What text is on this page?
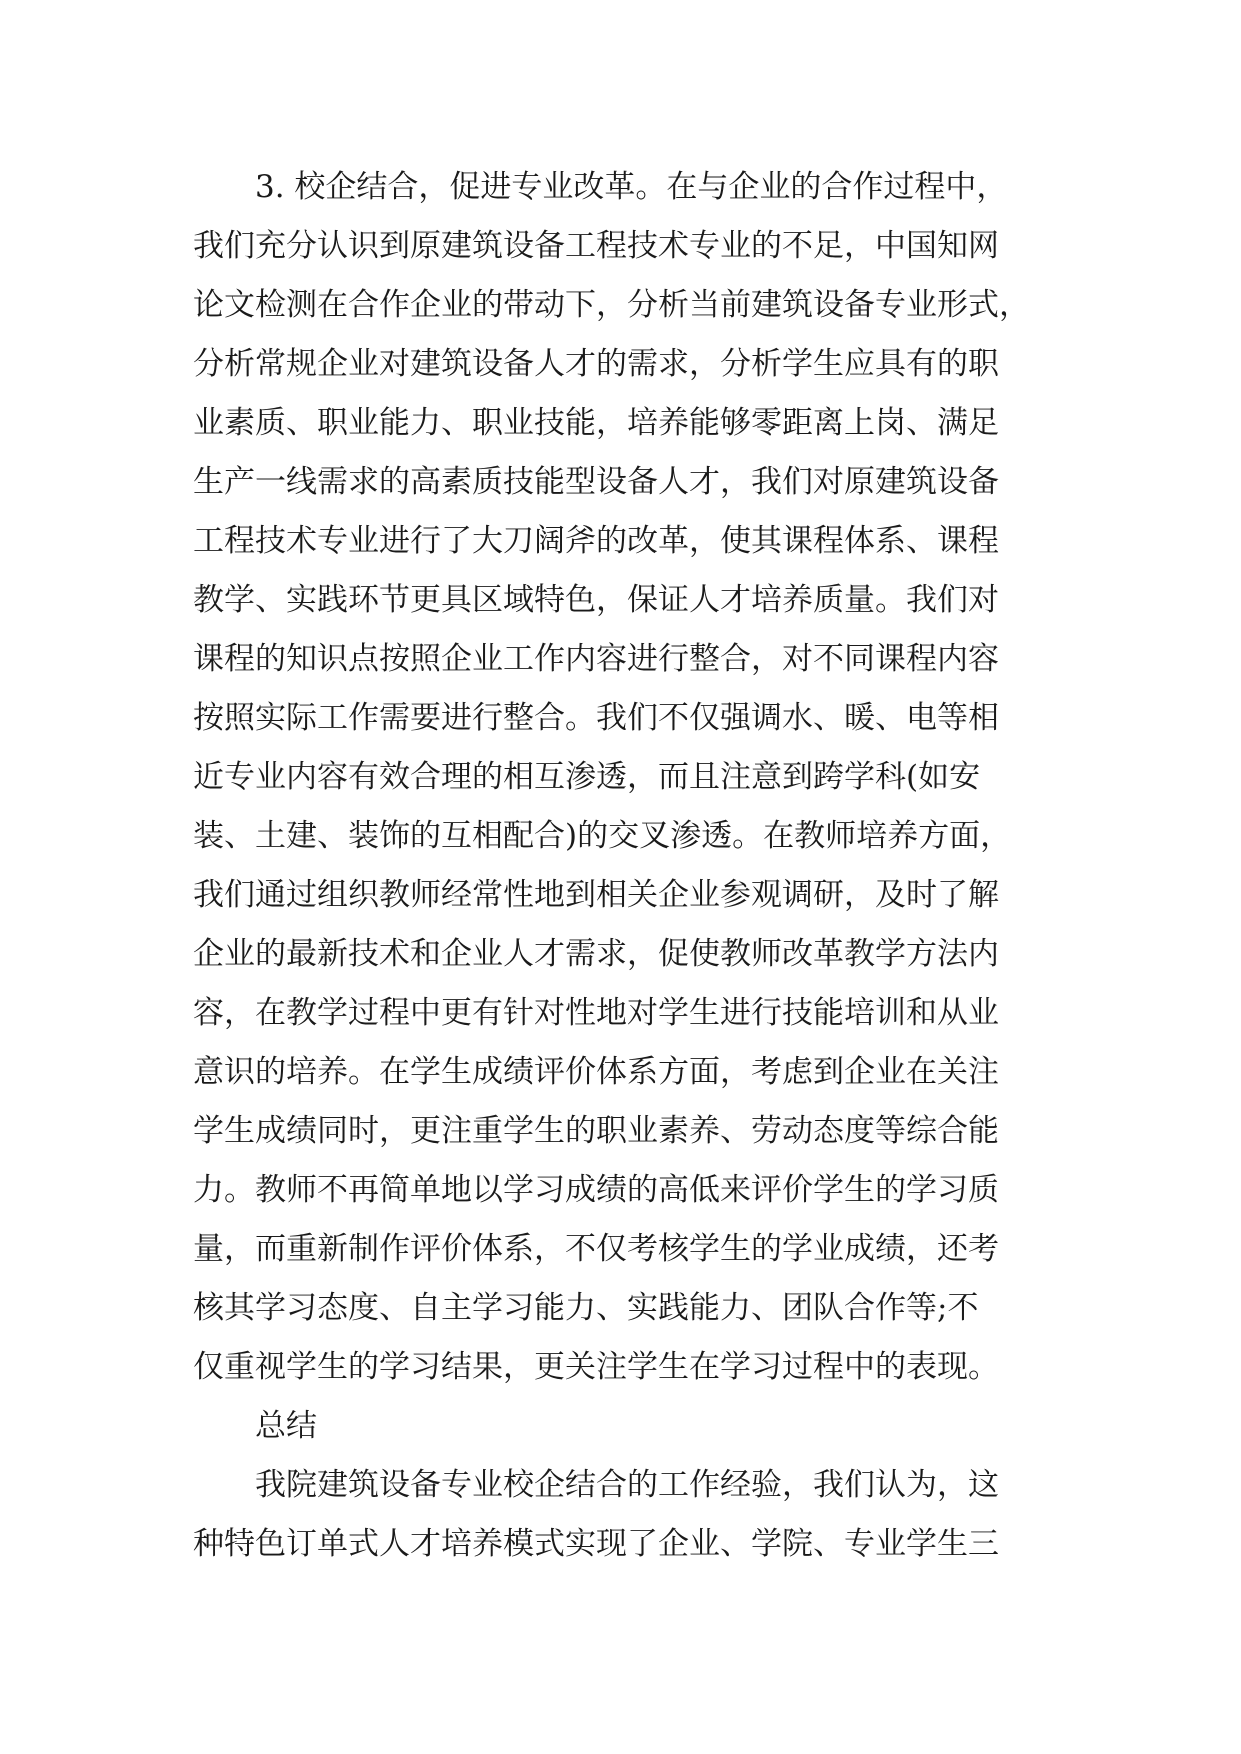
3. 校企结合，促进专业改革。在与企业的合作过程中，
我们充分认识到原建筑设备工程技术专业的不足，中国知网
论文检测在合作企业的带动下，分析当前建筑设备专业形式，
分析常规企业对建筑设备人才的需求，分析学生应具有的职
业素质、职业能力、职业技能，培养能够零距离上岗、满足
生产一线需求的高素质技能型设备人才，我们对原建筑设备
工程技术专业进行了大刀阔斧的改革，使其课程体系、课程
教学、实践环节更具区域特色，保证人才培养质量。我们对
课程的知识点按照企业工作内容进行整合，对不同课程内容
按照实际工作需要进行整合。我们不仅强调水、暖、电等相
近专业内容有效合理的相互渗透，而且注意到跨学科(如安
装、土建、装饰的互相配合)的交叉渗透。在教师培养方面，
我们通过组织教师经常性地到相关企业参观调研，及时了解
企业的最新技术和企业人才需求，促使教师改革教学方法内
容，在教学过程中更有针对性地对学生进行技能培训和从业
意识的培养。在学生成绩评价体系方面，考虑到企业在关注
学生成绩同时，更注重学生的职业素养、劳动态度等综合能
力。教师不再简单地以学习成绩的高低来评价学生的学习质
量，而重新制作评价体系，不仅考核学生的学业成绩，还考
核其学习态度、自主学习能力、实践能力、团队合作等;不
仅重视学生的学习结果，更关注学生在学习过程中的表现。
总结
我院建筑设备专业校企结合的工作经验，我们认为，这
种特色订单式人才培养模式实现了企业、学院、专业学生三
